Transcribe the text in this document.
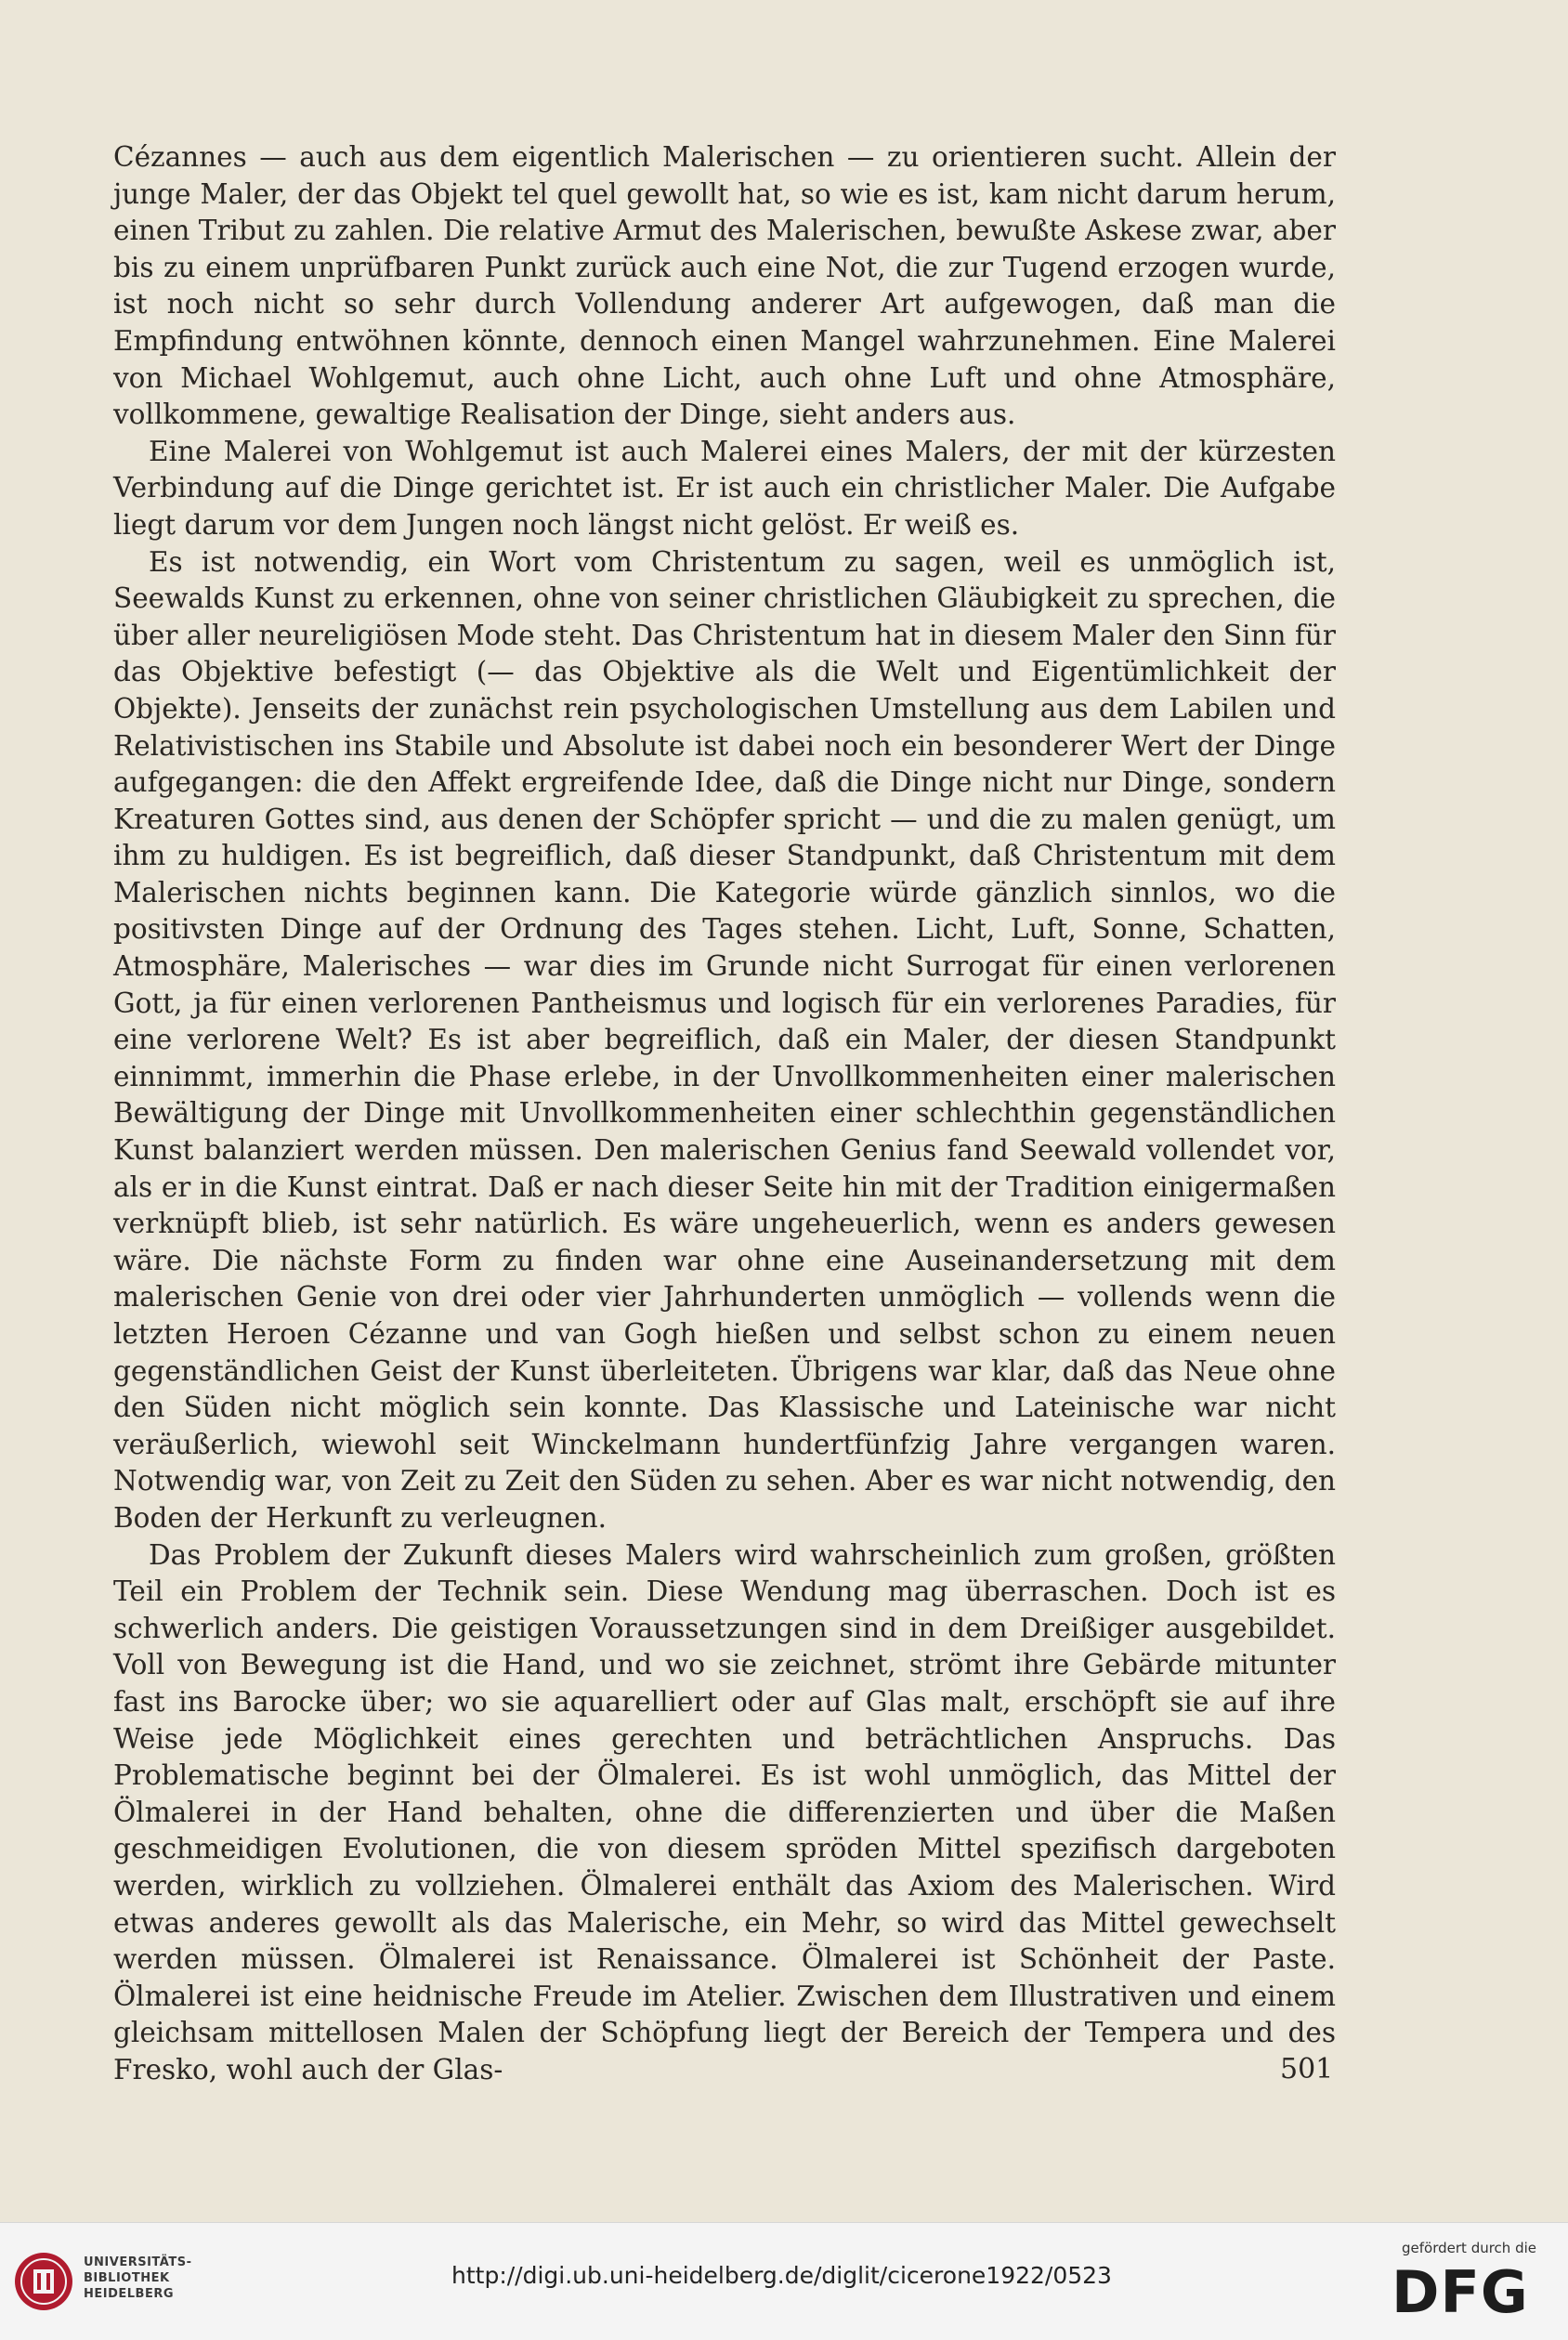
Cézannes — auch aus dem eigentlich Malerischen — zu orientieren sucht. Allein der junge Maler, der das Objekt tel quel gewollt hat, so wie es ist, kam nicht darum herum, einen Tribut zu zahlen. Die relative Armut des Malerischen, bewußte Askese zwar, aber bis zu einem unprüfbaren Punkt zurück auch eine Not, die zur Tugend erzogen wurde, ist noch nicht so sehr durch Vollendung anderer Art aufgewogen, daß man die Empfindung entwöhnen könnte, dennoch einen Mangel wahrzunehmen. Eine Malerei von Michael Wohlgemut, auch ohne Licht, auch ohne Luft und ohne Atmosphäre, vollkommene, gewaltige Realisation der Dinge, sieht anders aus.

Eine Malerei von Wohlgemut ist auch Malerei eines Malers, der mit der kürzesten Verbindung auf die Dinge gerichtet ist. Er ist auch ein christlicher Maler. Die Aufgabe liegt darum vor dem Jungen noch längst nicht gelöst. Er weiß es.

Es ist notwendig, ein Wort vom Christentum zu sagen, weil es unmöglich ist, Seewalds Kunst zu erkennen, ohne von seiner christlichen Gläubigkeit zu sprechen, die über aller neureligiösen Mode steht. Das Christentum hat in diesem Maler den Sinn für das Objektive befestigt (— das Objektive als die Welt und Eigentümlichkeit der Objekte). Jenseits der zunächst rein psychologischen Umstellung aus dem Labilen und Relativistischen ins Stabile und Absolute ist dabei noch ein besonderer Wert der Dinge aufgegangen: die den Affekt ergreifende Idee, daß die Dinge nicht nur Dinge, sondern Kreaturen Gottes sind, aus denen der Schöpfer spricht — und die zu malen genügt, um ihm zu huldigen. Es ist begreiflich, daß dieser Standpunkt, daß Christentum mit dem Malerischen nichts beginnen kann. Die Kategorie würde gänzlich sinnlos, wo die positivsten Dinge auf der Ordnung des Tages stehen. Licht, Luft, Sonne, Schatten, Atmosphäre, Malerisches — war dies im Grunde nicht Surrogat für einen verlorenen Gott, ja für einen verlorenen Pantheismus und logisch für ein verlorenes Paradies, für eine verlorene Welt? Es ist aber begreiflich, daß ein Maler, der diesen Standpunkt einnimmt, immerhin die Phase erlebe, in der Unvollkommenheiten einer malerischen Bewältigung der Dinge mit Unvollkommenheiten einer schlechthin gegenständlichen Kunst balanziert werden müssen. Den malerischen Genius fand Seewald vollendet vor, als er in die Kunst eintrat. Daß er nach dieser Seite hin mit der Tradition einigermaßen verknüpft blieb, ist sehr natürlich. Es wäre ungeheuerlich, wenn es anders gewesen wäre. Die nächste Form zu finden war ohne eine Auseinandersetzung mit dem malerischen Genie von drei oder vier Jahrhunderten unmöglich — vollends wenn die letzten Heroen Cézanne und van Gogh hießen und selbst schon zu einem neuen gegenständlichen Geist der Kunst überleiteten. Übrigens war klar, daß das Neue ohne den Süden nicht möglich sein konnte. Das Klassische und Lateinische war nicht veräußerlich, wiewohl seit Winckelmann hundertfünfzig Jahre vergangen waren. Notwendig war, von Zeit zu Zeit den Süden zu sehen. Aber es war nicht notwendig, den Boden der Herkunft zu verleugnen.

Das Problem der Zukunft dieses Malers wird wahrscheinlich zum großen, größten Teil ein Problem der Technik sein. Diese Wendung mag überraschen. Doch ist es schwerlich anders. Die geistigen Voraussetzungen sind in dem Dreißiger ausgebildet. Voll von Bewegung ist die Hand, und wo sie zeichnet, strömt ihre Gebärde mitunter fast ins Barocke über; wo sie aquarelliert oder auf Glas malt, erschöpft sie auf ihre Weise jede Möglichkeit eines gerechten und beträchtlichen Anspruchs. Das Problematische beginnt bei der Ölmalerei. Es ist wohl unmöglich, das Mittel der Ölmalerei in der Hand behalten, ohne die differenzierten und über die Maßen geschmeidigen Evolutionen, die von diesem spröden Mittel spezifisch dargeboten werden, wirklich zu vollziehen. Ölmalerei enthält das Axiom des Malerischen. Wird etwas anderes gewollt als das Malerische, ein Mehr, so wird das Mittel gewechselt werden müssen. Ölmalerei ist Renaissance. Ölmalerei ist Schönheit der Paste. Ölmalerei ist eine heidnische Freude im Atelier. Zwischen dem Illustrativen und einem gleichsam mittellosen Malen der Schöpfung liegt der Bereich der Tempera und des Fresko, wohl auch der Glas-	501
UNIVERSITÄTS-
BIBLIOTHEK
HEIDELBERG
http://digi.ub.uni-heidelberg.de/diglit/cicerone1922/0523
gefördert durch die
DFG
